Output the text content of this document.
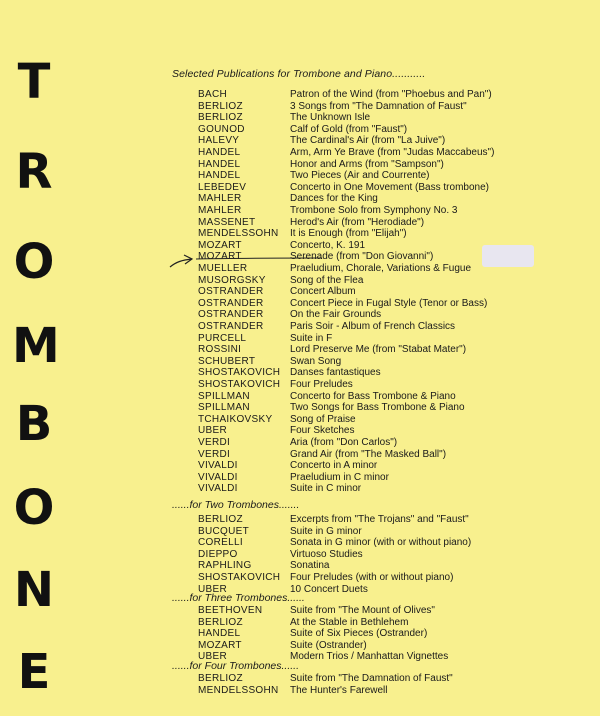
T
R
O
M
B
O
N
E
Selected Publications for Trombone and Piano...........
BACH	Patron of the Wind (from "Phoebus and Pan")
BERLIOZ	3 Songs from "The Damnation of Faust"
BERLIOZ	The Unknown Isle
GOUNOD	Calf of Gold (from "Faust")
HALEVY	The Cardinal's Air (from "La Juive")
HANDEL	Arm, Arm Ye Brave (from "Judas Maccabeus")
HANDEL	Honor and Arms (from "Sampson")
HANDEL	Two Pieces (Air and Courrente)
LEBEDEV	Concerto in One Movement (Bass trombone)
MAHLER	Dances for the King
MAHLER	Trombone Solo from Symphony No. 3
MASSENET	Herod's Air (from "Herodiade")
MENDELSSOHN It is Enough (from "Elijah")
MOZART	Concerto, K. 191
MOZART	Serenade (from "Don Giovanni")
MUELLER	Praeludium, Chorale, Variations & Fugue
MUSORGSKY Song of the Flea
OSTRANDER	Concert Album
OSTRANDER	Concert Piece in Fugal Style (Tenor or Bass)
OSTRANDER	On the Fair Grounds
OSTRANDER	Paris Soir - Album of French Classics
PURCELL	Suite in F
ROSSINI	Lord Preserve Me (from "Stabat Mater")
SCHUBERT	Swan Song
SHOSTAKOVICH Danses fantastiques
SHOSTAKOVICH Four Preludes
SPILLMAN	Concerto for Bass Trombone & Piano
SPILLMAN	Two Songs for Bass Trombone & Piano
TCHAIKOVSKY Song of Praise
UBER	Four Sketches
VERDI	Aria (from "Don Carlos")
VERDI	Grand Air (from "The Masked Ball")
VIVALDI	Concerto in A minor
VIVALDI	Praeludium in C minor
VIVALDI	Suite in C minor
......for Two Trombones.......
BERLIOZ	Excerpts from "The Trojans" and "Faust"
BUCQUET	Suite in G minor
CORELLI	Sonata in G minor (with or without piano)
DIEPPO	Virtuoso Studies
RAPHLING	Sonatina
SHOSTAKOVICH Four Preludes (with or without piano)
UBER	10 Concert Duets
......for Three Trombones......
BEETHOVEN	Suite from "The Mount of Olives"
BERLIOZ	At the Stable in Bethlehem
HANDEL	Suite of Six Pieces (Ostrander)
MOZART	Suite (Ostrander)
UBER	Modern Trios / Manhattan Vignettes
......for Four Trombones......
BERLIOZ	Suite from "The Damnation of Faust"
MENDELSSOHN The Hunter's Farewell
